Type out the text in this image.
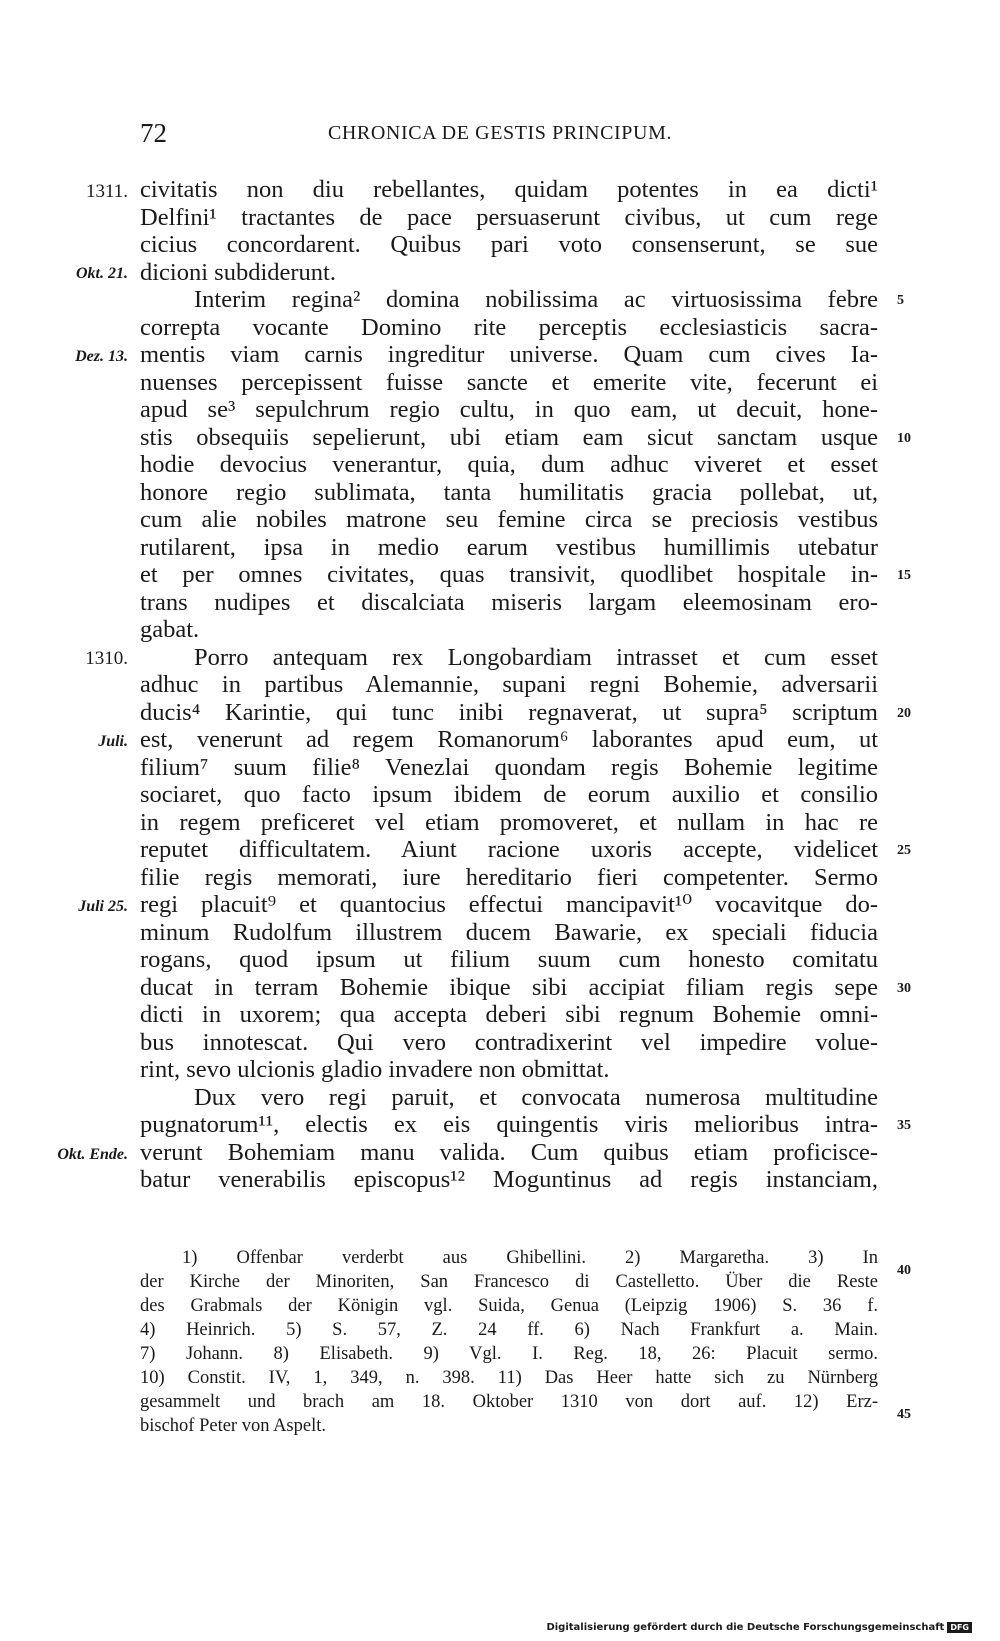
72	CHRONICA DE GESTIS PRINCIPUM.
civitatis non diu rebellantes, quidam potentes in ea dicti¹
Delfini¹ tractantes de pace persuaserunt civibus, ut cum rege
cicius concordarent. Quibus pari voto consenserunt, se sue
dicioni subdiderunt.
Interim regina² domina nobilissima ac virtuosissima febre
correpta vocante Domino rite perceptis ecclesiasticis sacra-
mentis viam carnis ingreditur universe. Quam cum cives Ia-
nuenses percepissent fuisse sancte et emerite vite, fecerunt ei
apud se³ sepulchrum regio cultu, in quo eam, ut decuit, hone-
stis obsequiis sepelierunt, ubi etiam eam sicut sanctam usque
hodie devocius venerantur, quia, dum adhuc viveret et esset
honore regio sublimata, tanta humilitatis gracia pollebat, ut,
cum alie nobiles matrone seu femine circa se preciosis vestibus
rutilarent, ipsa in medio earum vestibus humillimis utebatur
et per omnes civitates, quas transivit, quodlibet hospitale in-
trans nudipes et discalciata miseris largam eleemosinam ero-
gabat.
Porro antequam rex Longobardiam intrasset et cum esset
adhuc in partibus Alemannie, supani regni Bohemie, adversarii
ducis⁴ Karintie, qui tunc inibi regnaverat, ut supra⁵ scriptum
est, venerunt ad regem Romanorum⁶ laborantes apud eum, ut
filium⁷ suum filie⁸ Venezlai quondam regis Bohemie legitime
sociaret, quo facto ipsum ibidem de eorum auxilio et consilio
in regem preficeret vel etiam promoveret, et nullam in hac re
reputet difficultatem. Aiunt racione uxoris accepte, videlicet
filie regis memorati, iure hereditario fieri competenter. Sermo
regi placuit⁹ et quantocius effectui mancipavit¹⁰ vocavitque do-
minum Rudolfum illustrem ducem Bawarie, ex speciali fiducia
rogans, quod ipsum ut filium suum cum honesto comitatu
ducat in terram Bohemie ibique sibi accipiat filiam regis sepe
dicti in uxorem; qua accepta deberi sibi regnum Bohemie omni-
bus innotescat. Qui vero contradixerint vel impedire volue-
rint, sevo ulcionis gladio invadere non obmittat.
Dux vero regi paruit, et convocata numerosa multitudine
pugnatorum¹¹, electis ex eis quingentis viris melioribus intra-
verunt Bohemiam manu valida. Cum quibus etiam proficisce-
batur venerabilis episcopus¹² Moguntinus ad regis instanciam,
1311.
Okt. 21.
Dez. 13.
1310.
Juli.
Juli 25.
Okt. Ende.
5
10
15
20
25
30
35
40
45
1) Offenbar verderbt aus Ghibellini. 2) Margaretha. 3) In
der Kirche der Minoriten, San Francesco di Castelletto. Über die Reste
des Grabmals der Königin vgl. Suida, Genua (Leipzig 1906) S. 36 f.
4) Heinrich. 5) S. 57, Z. 24 ff. 6) Nach Frankfurt a. Main.
7) Johann. 8) Elisabeth. 9) Vgl. I. Reg. 18, 26: Placuit sermo.
10) Constit. IV, 1, 349, n. 398. 11) Das Heer hatte sich zu Nürnberg
gesammelt und brach am 18. Oktober 1310 von dort auf. 12) Erz-
bischof Peter von Aspelt.
Digitalisierung gefördert durch die Deutsche Forschungsgemeinschaft DFG
